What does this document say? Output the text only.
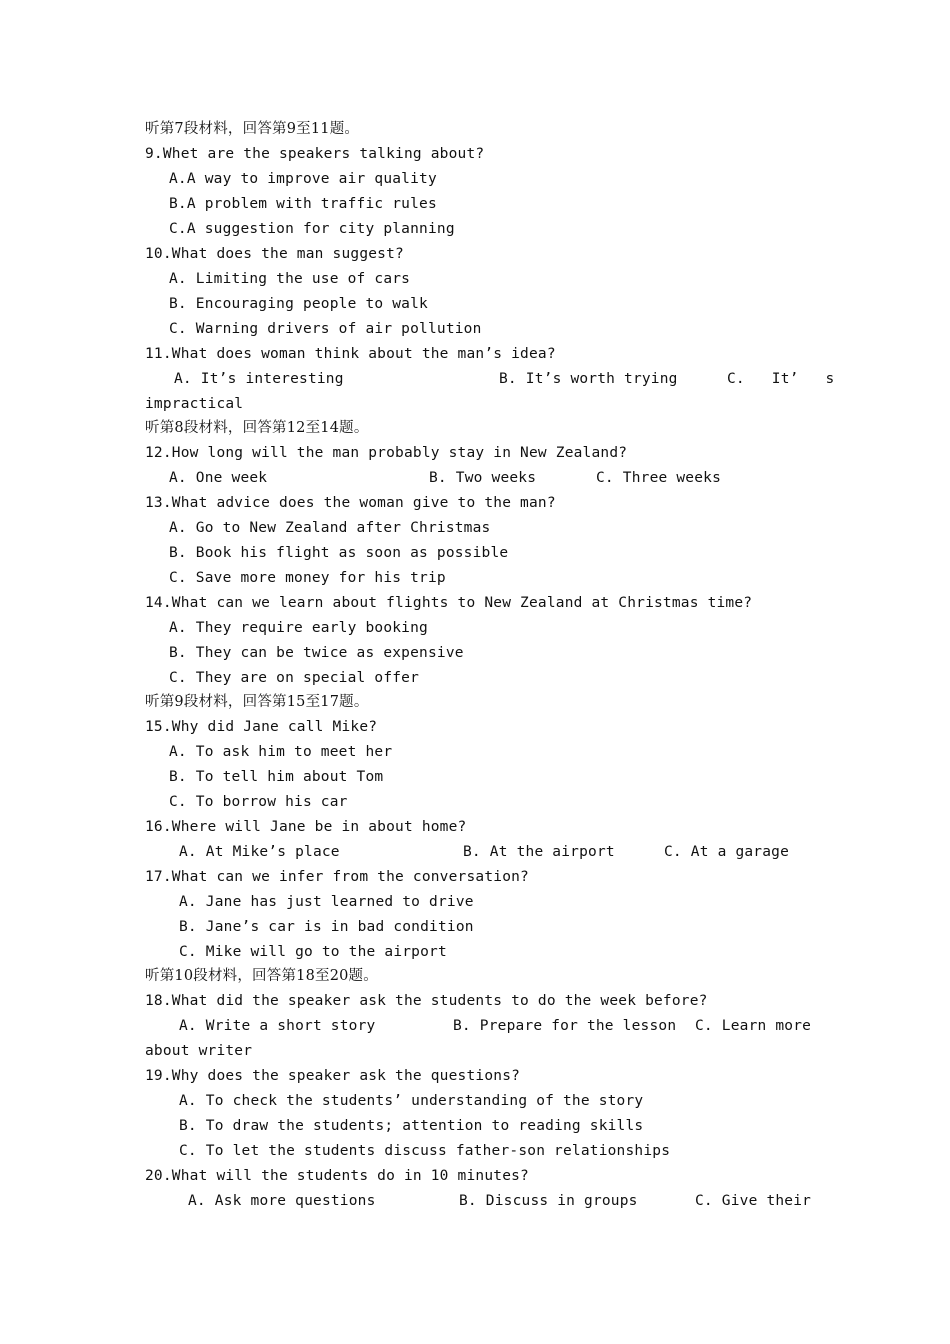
听第7段材料，回答第9至11题。
9.Whet are the speakers talking about?
A.A way to improve air quality
B.A problem with traffic rules
C.A suggestion for city planning
10.What does the man suggest?
A. Limiting the use of cars
B. Encouraging people to walk
C. Warning drivers of air pollution
11.What does woman think about the man’s idea?
A. It’s interesting	B. It’s worth trying	C. It’ s
impractical
听第8段材料，回答第12至14题。
12.How long will the man probably stay in New Zealand?
A. One week	B. Two weeks	C. Three weeks
13.What advice does the woman give to the man?
A. Go to New Zealand after Christmas
B. Book his flight as soon as possible
C. Save more money for his trip
14.What can we learn about flights to New Zealand at Christmas time?
A. They require early booking
B. They can be twice as expensive
C. They are on special offer
听第9段材料，回答第15至17题。
15.Why did Jane call Mike?
A. To ask him to meet her
B. To tell him about Tom
C. To borrow his car
16.Where will Jane be in about home?
A. At Mike’s place	B. At the airport	C. At a garage
17.What can we infer from the conversation?
A. Jane has just learned to drive
B. Jane’s car is in bad condition
C. Mike will go to the airport
听第10段材料，回答第18至20题。
18.What did the speaker ask the students to do the week before?
A. Write a short story	B. Prepare for the lesson C. Learn more
about writer
19.Why does the speaker ask the questions?
A. To check the students’ understanding of the story
B. To draw the students; attention to reading skills
C. To let the students discuss father-son relationships
20.What will the students do in 10 minutes?
A. Ask more questions	B. Discuss in groups	C. Give their
